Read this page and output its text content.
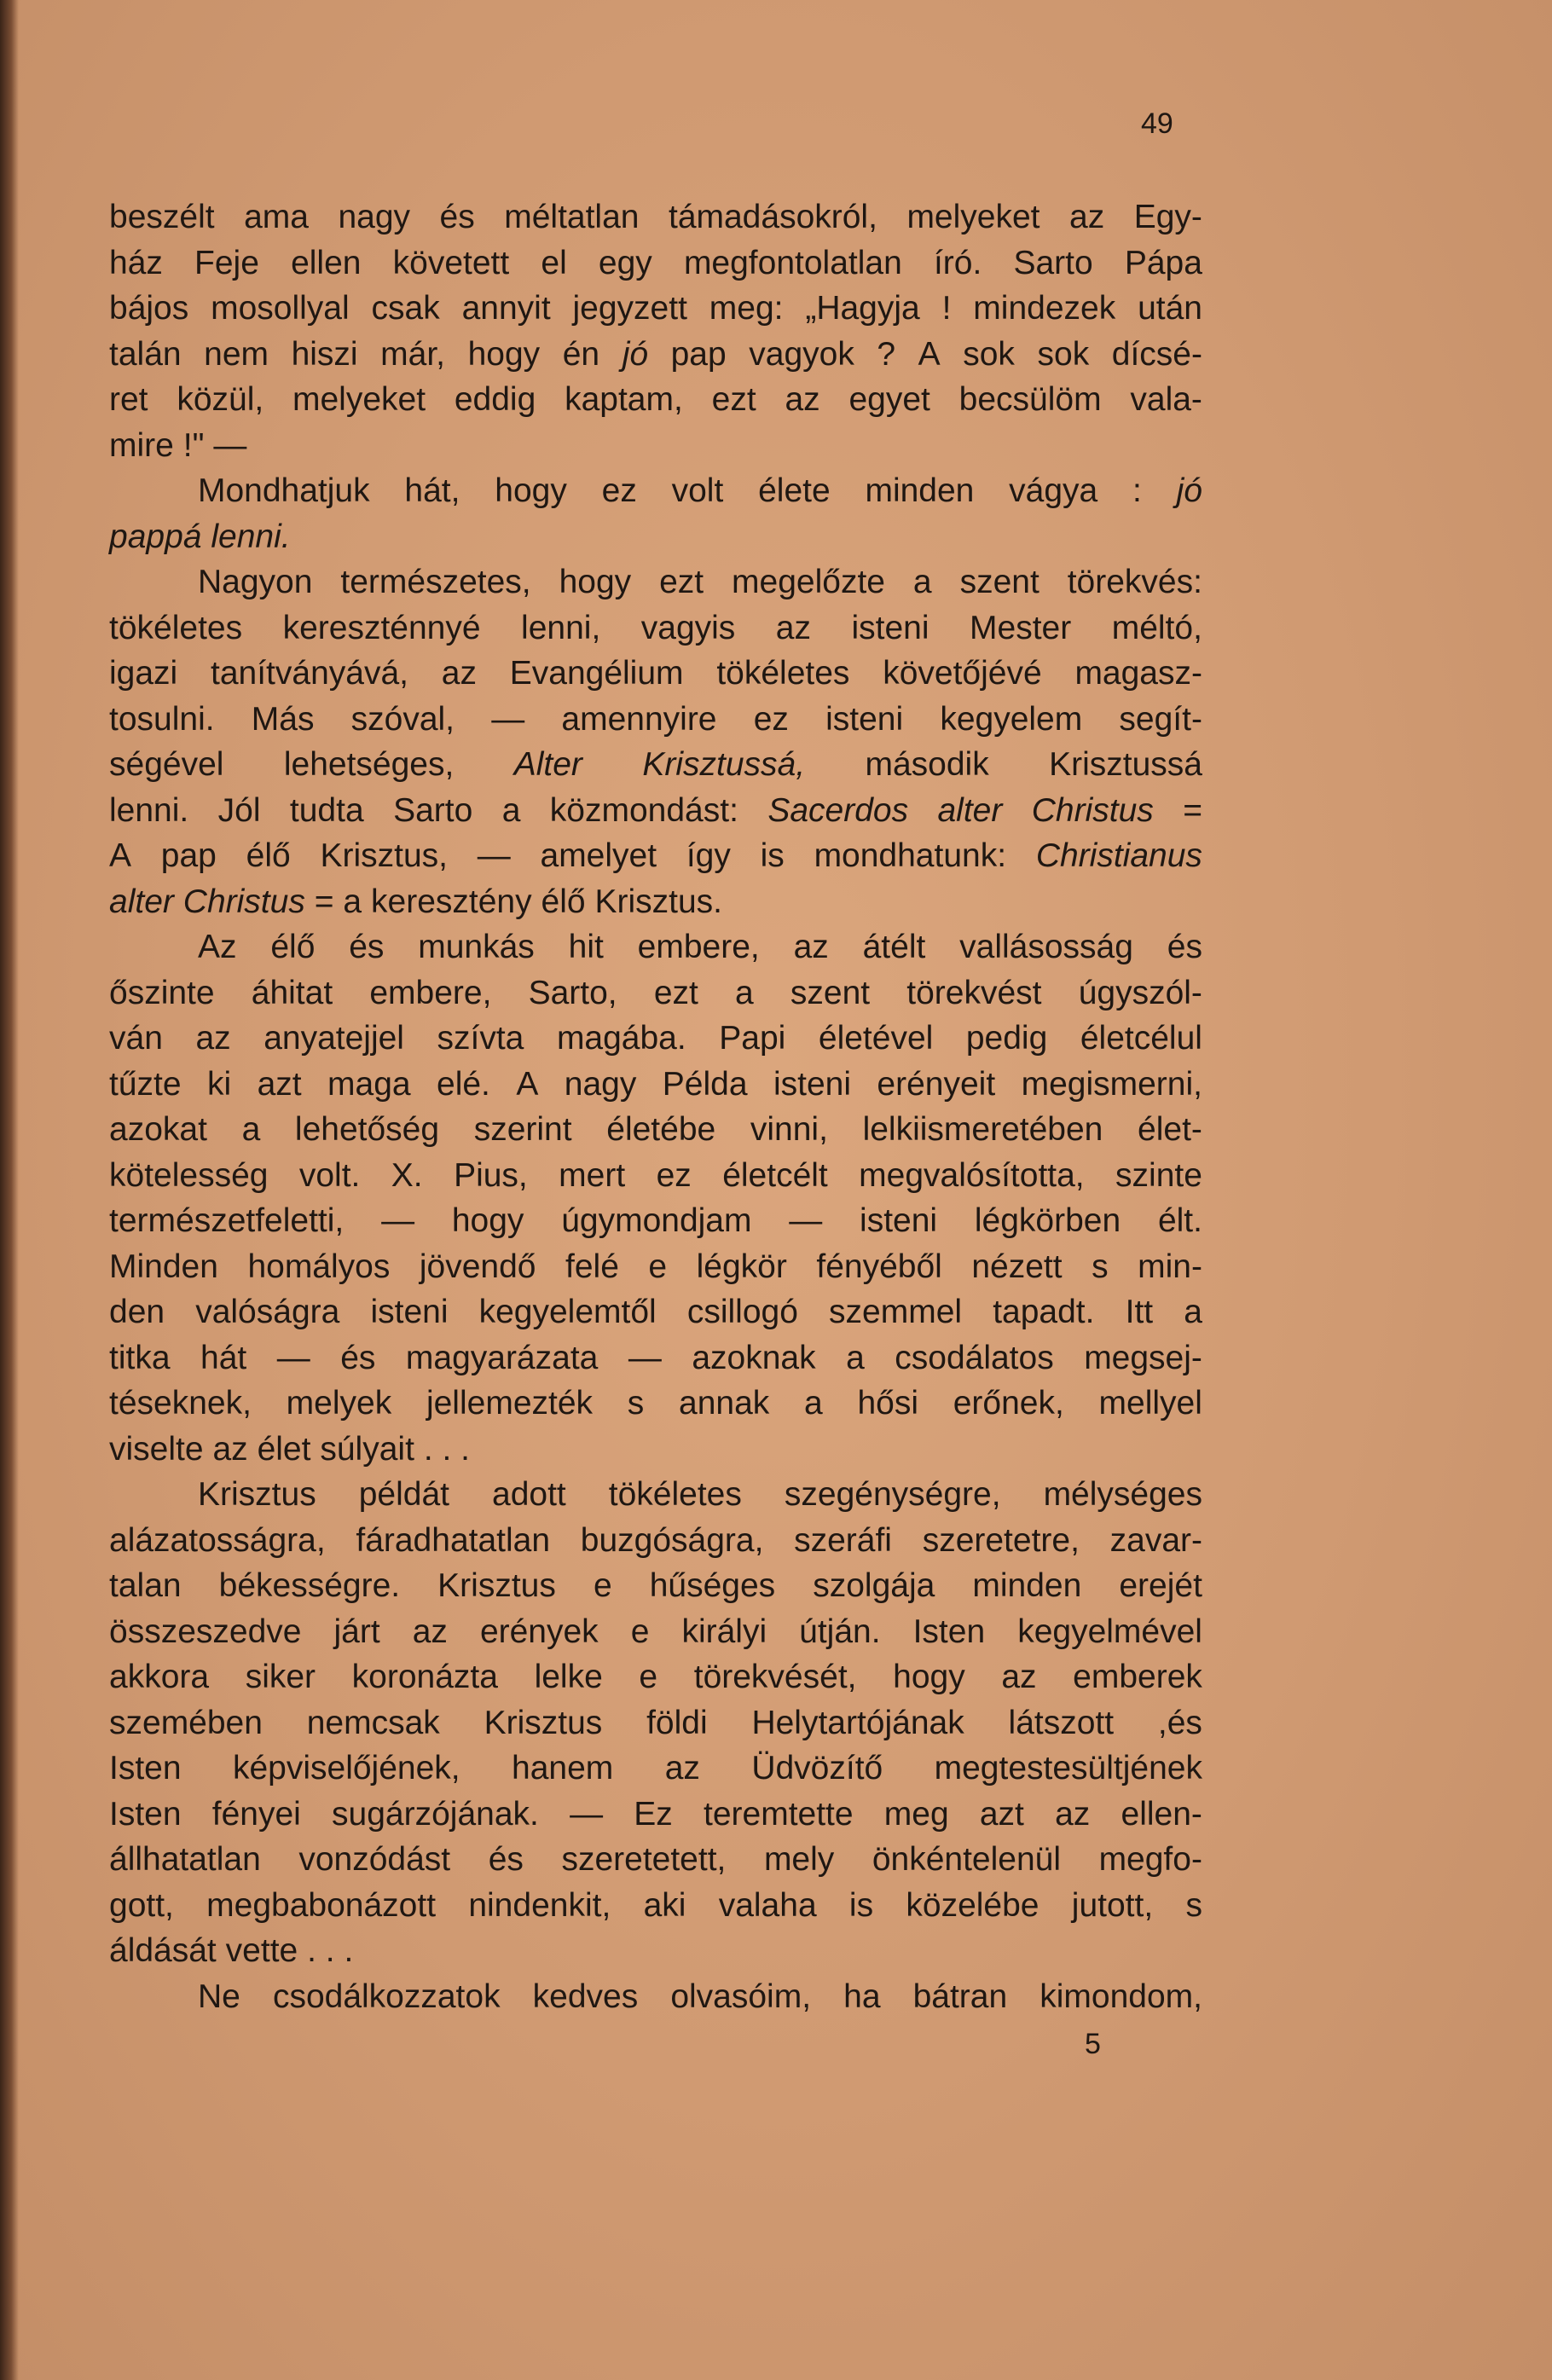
49
beszélt ama nagy és méltatlan támadásokról, melyeket az Egy-
ház Feje ellen követett el egy megfontolatlan író. Sarto Pápa
bájos mosollyal csak annyit jegyzett meg: „Hagyja ! mindezek után
talán nem hiszi már, hogy én jó pap vagyok ? A sok sok dícsé-
ret közül, melyeket eddig kaptam, ezt az egyet becsülöm vala-
mire !" —
Mondhatjuk hát, hogy ez volt élete minden vágya : jó
pappá lenni.
Nagyon természetes, hogy ezt megelőzte a szent törekvés:
tökéletes kereszténnyé lenni, vagyis az isteni Mester méltó,
igazi tanítványává, az Evangélium tökéletes követőjévé magasz-
tosulni. Más szóval, — amennyire ez isteni kegyelem segít-
ségével lehetséges, Alter Krisztussá, második Krisztussá
lenni. Jól tudta Sarto a közmondást: Sacerdos alter Christus =
A pap élő Krisztus, — amelyet így is mondhatunk: Christianus
alter Christus = a keresztény élő Krisztus.
Az élő és munkás hit embere, az átélt vallásosság és
őszinte áhitat embere, Sarto, ezt a szent törekvést úgyszól-
ván az anyatejjel szívta magába. Papi életével pedig életcélul
tűzte ki azt maga elé. A nagy Példa isteni erényeit megismerni,
azokat a lehetőség szerint életébe vinni, lelkiismeretében élet-
kötelesség volt. X. Pius, mert ez életcélt megvalósította, szinte
természetfeletti, — hogy úgymondjam — isteni légkörben élt.
Minden homályos jövendő felé e légkör fényéből nézett s min-
den valóságra isteni kegyelemtől csillogó szemmel tapadt. Itt a
titka hát — és magyarázata — azoknak a csodálatos megsej-
téseknek, melyek jellemezték s annak a hősi erőnek, mellyel
viselte az élet súlyait . . .
Krisztus példát adott tökéletes szegénységre, mélységes
alázatosságra, fáradhatatlan buzgóságra, szeráfi szeretetre, zavar-
talan békességre. Krisztus e hűséges szolgája minden erejét
összeszedve járt az erények e királyi útján. Isten kegyelmével
akkora siker koronázta lelke e törekvését, hogy az emberek
szemében nemcsak Krisztus földi Helytartójának látszott ,és
Isten képviselőjének, hanem az Üdvözítő megtestesültjének
Isten fényei sugárzójának. — Ez teremtette meg azt az ellen-
állhatatlan vonzódást és szeretetett, mely önkéntelenül megfo-
gott, megbabonázott nindenkit, aki valaha is közelébe jutott, s
áldását vette . . .
Ne csodálkozzatok kedves olvasóim, ha bátran kimondom,
5
